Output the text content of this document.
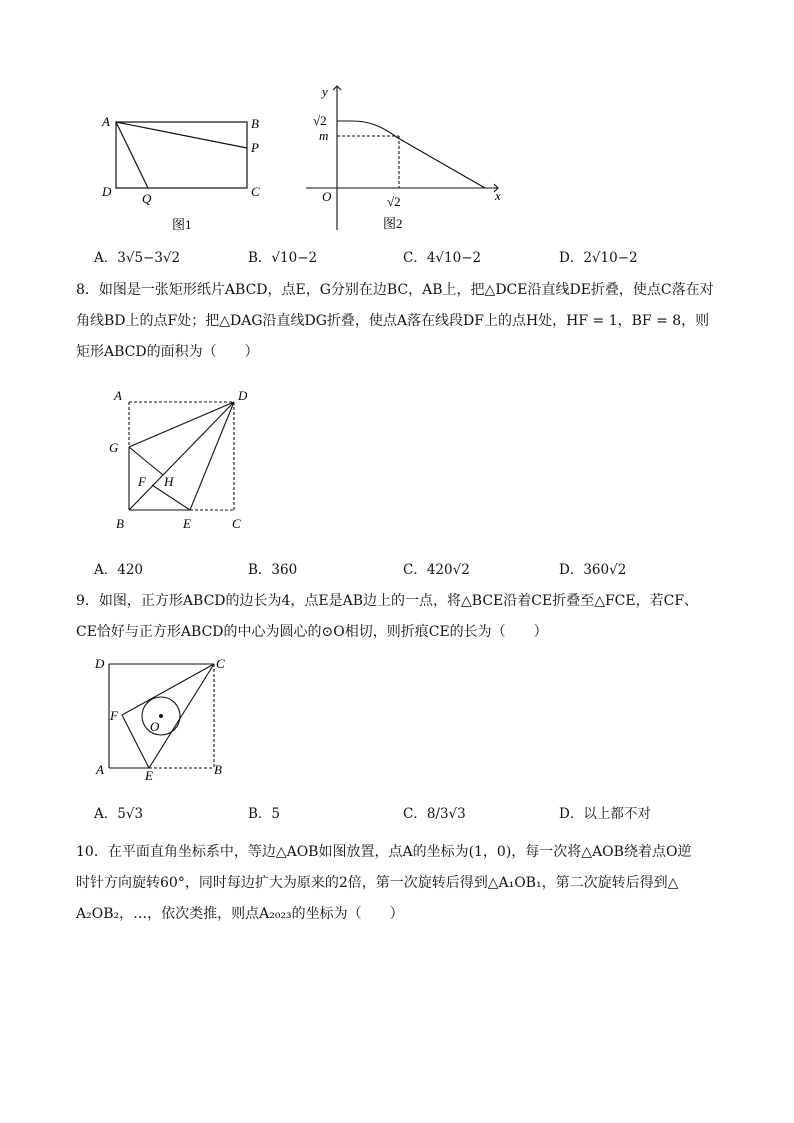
A	B
P
C
D Q
图1
y
x
O
m
√2
√2
图2
A．3√5−3√2	B．√10−2	C．4√10−2	D．2√10−2
8．如图是一张矩形纸片ABCD，点E，G分别在边BC，AB上，把△DCE沿直线DE折叠，使点C落在对
角线BD上的点F处；把△DAG沿直线DG折叠，使点A落在线段DF上的点H处，HF = 1，BF = 8，则
矩形ABCD的面积为（　　）
A	D
G
F H
B	E	C
A．420	B．360	C．420√2	D．360√2
9．如图，正方形ABCD的边长为4，点E是AB边上的一点，将△BCE沿着CE折叠至△FCE，若CF、
CE恰好与正方形ABCD的中心为圆心的⊙O相切，则折痕CE的长为（　　）
D	C
F
O
A	E	B
A．5√3	B．5	C．8/3√3	D．以上都不对
10．在平面直角坐标系中，等边△AOB如图放置，点A的坐标为(1，0)，每一次将△AOB绕着点O逆
时针方向旋转60°，同时每边扩大为原来的2倍，第一次旋转后得到△A₁OB₁，第二次旋转后得到△
A₂OB₂，…，依次类推，则点A₂₀₂₃的坐标为（　　）
